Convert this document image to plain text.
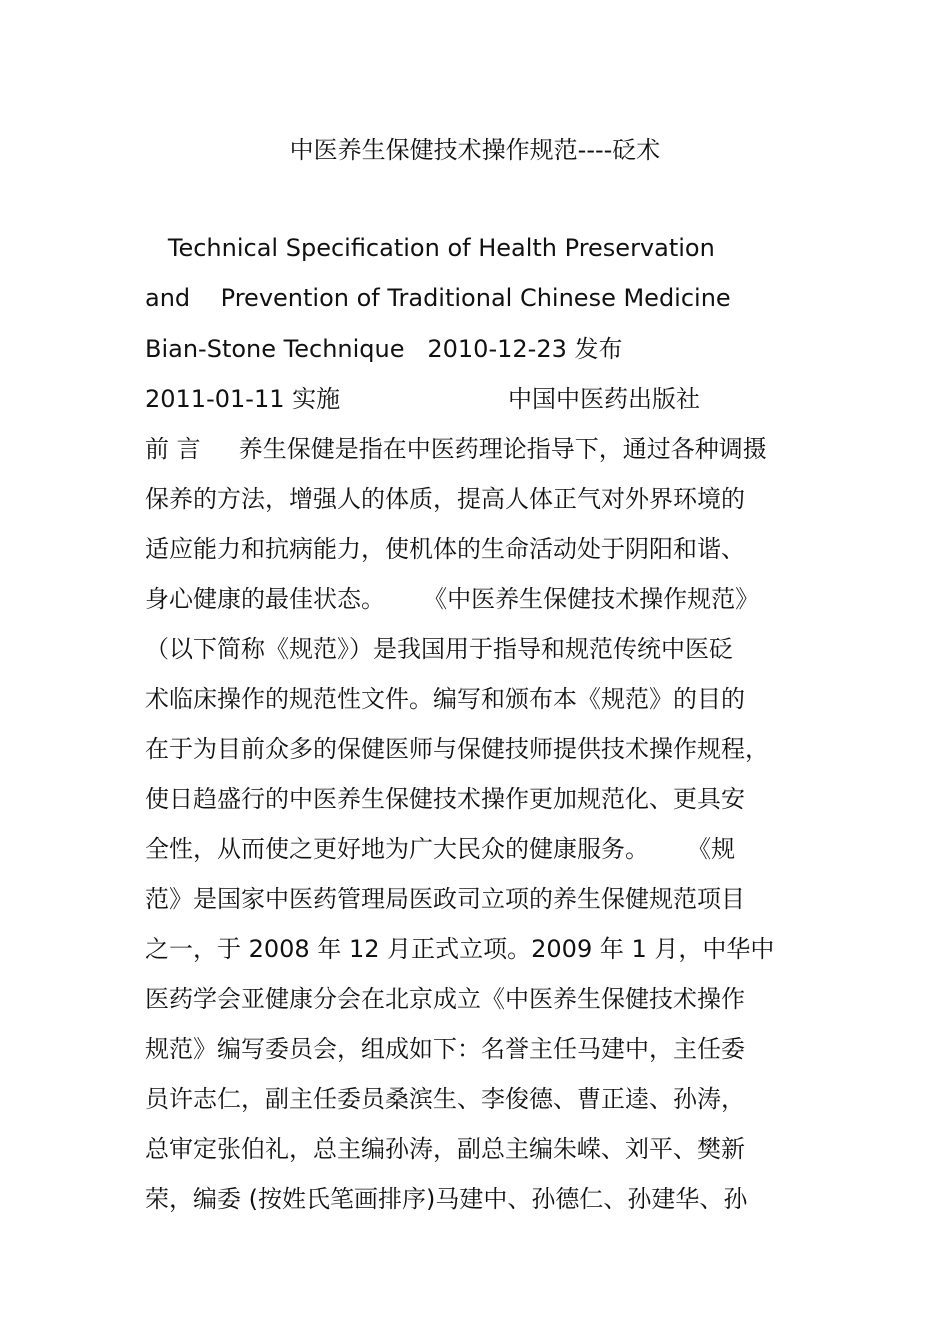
中医养生保健技术操作规范----砭术
Technical Specification of Health Preservation
and    Prevention of Traditional Chinese Medicine
Bian-Stone Technique   2010-12-23 发布
2011-01-11 实施                      中国中医药出版社
前 言     养生保健是指在中医药理论指导下，通过各种调摄
保养的方法，增强人的体质，提高人体正气对外界环境的
适应能力和抗病能力，使机体的生命活动处于阴阳和谐、
身心健康的最佳状态。     《中医养生保健技术操作规范》
（以下简称《规范》）是我国用于指导和规范传统中医砭
术临床操作的规范性文件。编写和颁布本《规范》的目的
在于为目前众多的保健医师与保健技师提供技术操作规程，
使日趋盛行的中医养生保健技术操作更加规范化、更具安
全性，从而使之更好地为广大民众的健康服务。     《规
范》是国家中医药管理局医政司立项的养生保健规范项目
之一，于 2008 年 12 月正式立项。2009 年 1 月，中华中
医药学会亚健康分会在北京成立《中医养生保健技术操作
规范》编写委员会，组成如下：名誉主任马建中，主任委
员许志仁，副主任委员桑滨生、李俊德、曹正逵、孙涛，
总审定张伯礼，总主编孙涛，副总主编朱嵘、刘平、樊新
荣，编委 (按姓氏笔画排序)马建中、孙德仁、孙建华、孙
